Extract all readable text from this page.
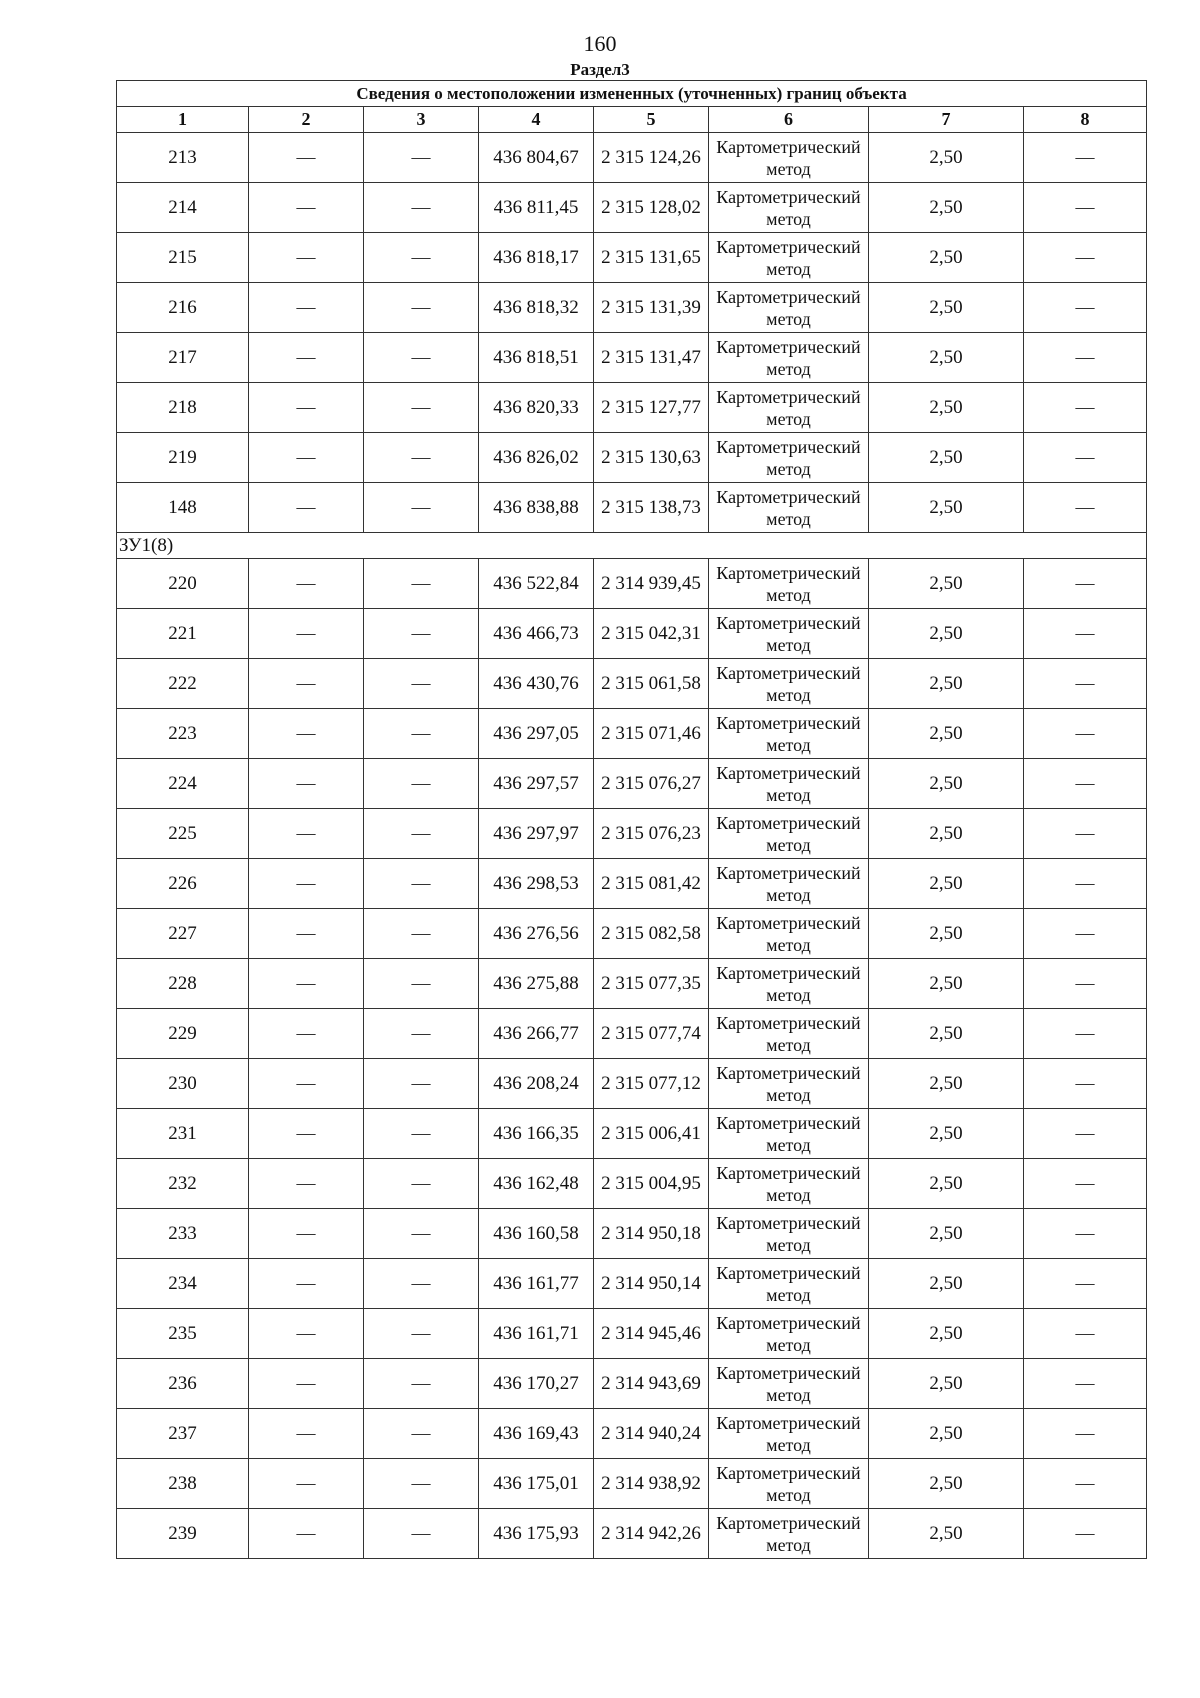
160
Раздел3
Сведения о местоположении измененных (уточненных) границ объекта							
1	2	3	4	5	6	7	8
213	—	—	436 804,67	2 315 124,26	Картометрический метод	2,50	—
214	—	—	436 811,45	2 315 128,02	Картометрический метод	2,50	—
215	—	—	436 818,17	2 315 131,65	Картометрический метод	2,50	—
216	—	—	436 818,32	2 315 131,39	Картометрический метод	2,50	—
217	—	—	436 818,51	2 315 131,47	Картометрический метод	2,50	—
218	—	—	436 820,33	2 315 127,77	Картометрический метод	2,50	—
219	—	—	436 826,02	2 315 130,63	Картометрический метод	2,50	—
148	—	—	436 838,88	2 315 138,73	Картометрический метод	2,50	—
ЗУ1(8)							
220	—	—	436 522,84	2 314 939,45	Картометрический метод	2,50	—
221	—	—	436 466,73	2 315 042,31	Картометрический метод	2,50	—
222	—	—	436 430,76	2 315 061,58	Картометрический метод	2,50	—
223	—	—	436 297,05	2 315 071,46	Картометрический метод	2,50	—
224	—	—	436 297,57	2 315 076,27	Картометрический метод	2,50	—
225	—	—	436 297,97	2 315 076,23	Картометрический метод	2,50	—
226	—	—	436 298,53	2 315 081,42	Картометрический метод	2,50	—
227	—	—	436 276,56	2 315 082,58	Картометрический метод	2,50	—
228	—	—	436 275,88	2 315 077,35	Картометрический метод	2,50	—
229	—	—	436 266,77	2 315 077,74	Картометрический метод	2,50	—
230	—	—	436 208,24	2 315 077,12	Картометрический метод	2,50	—
231	—	—	436 166,35	2 315 006,41	Картометрический метод	2,50	—
232	—	—	436 162,48	2 315 004,95	Картометрический метод	2,50	—
233	—	—	436 160,58	2 314 950,18	Картометрический метод	2,50	—
234	—	—	436 161,77	2 314 950,14	Картометрический метод	2,50	—
235	—	—	436 161,71	2 314 945,46	Картометрический метод	2,50	—
236	—	—	436 170,27	2 314 943,69	Картометрический метод	2,50	—
237	—	—	436 169,43	2 314 940,24	Картометрический метод	2,50	—
238	—	—	436 175,01	2 314 938,92	Картометрический метод	2,50	—
239	—	—	436 175,93	2 314 942,26	Картометрический метод	2,50	—
